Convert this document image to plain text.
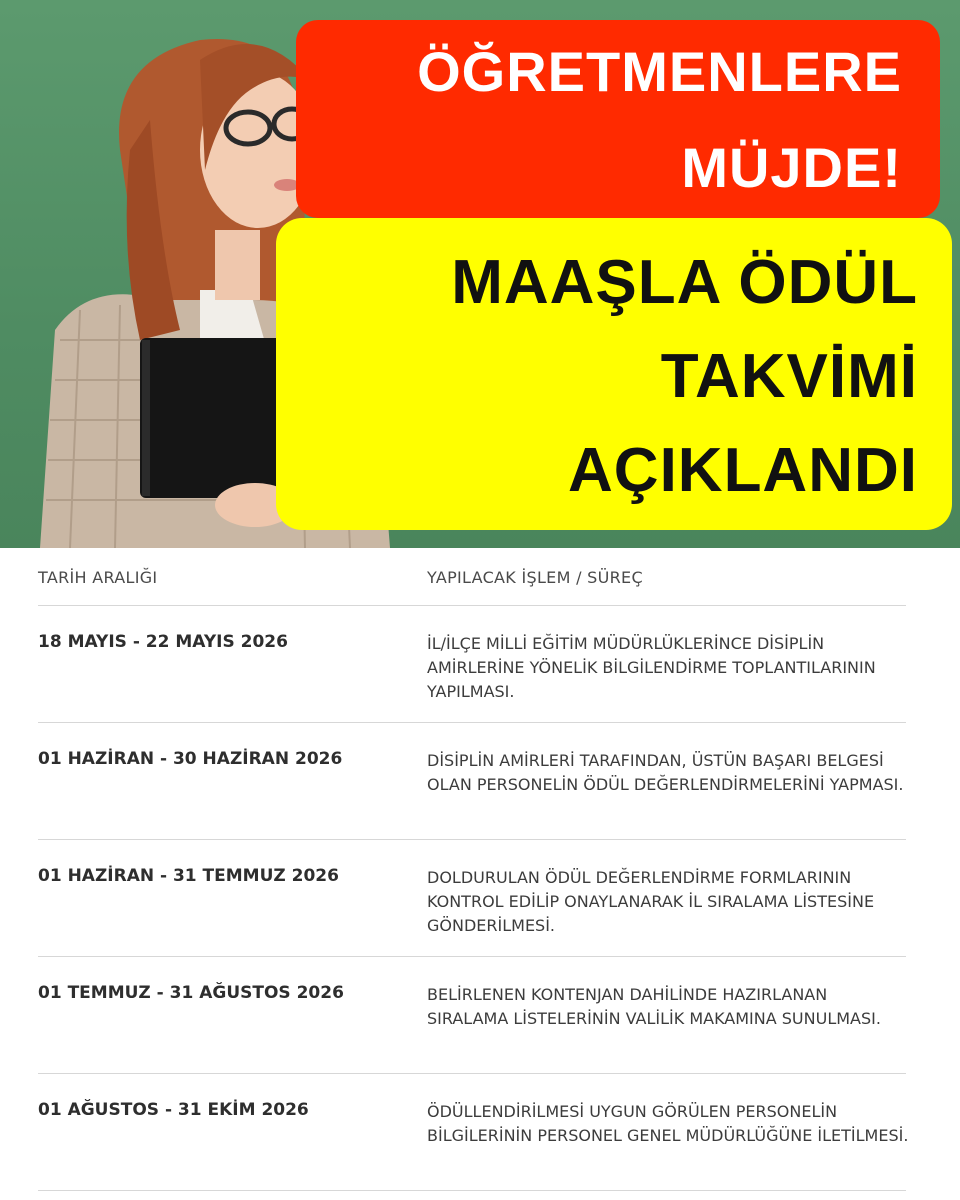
ÖĞRETMENLERE
MÜJDE!
MAAŞLA ÖDÜL
TAKVİMİ
AÇIKLANDI
TARİH ARALIĞI	YAPILACAK İŞLEM / SÜREÇ
18 MAYIS - 22 MAYIS 2026	İL/İLÇE MİLLİ EĞİTİM MÜDÜRLÜKLERİNCE DİSİPLİN AMİRLERİNE YÖNELİK BİLGİLENDİRME TOPLANTILARININ YAPILMASI.
01 HAZİRAN - 30 HAZİRAN 2026	DİSİPLİN AMİRLERİ TARAFINDAN, ÜSTÜN BAŞARI BELGESİ OLAN PERSONELİN ÖDÜL DEĞERLENDİRMELERİNİ YAPMASI.
01 HAZİRAN - 31 TEMMUZ 2026	DOLDURULAN ÖDÜL DEĞERLENDİRME FORMLARININ KONTROL EDİLİP ONAYLANARAK İL SIRALAMA LİSTESİNE GÖNDERİLMESİ.
01 TEMMUZ - 31 AĞUSTOS 2026	BELİRLENEN KONTENJAN DAHİLİNDE HAZIRLANAN SIRALAMA LİSTELERİNİN VALİLİK MAKAMINA SUNULMASI.
01 AĞUSTOS - 31 EKİM 2026	ÖDÜLLENDİRİLMESİ UYGUN GÖRÜLEN PERSONELİN BİLGİLERİNİN PERSONEL GENEL MÜDÜRLÜĞÜNE İLETİLMESİ.
